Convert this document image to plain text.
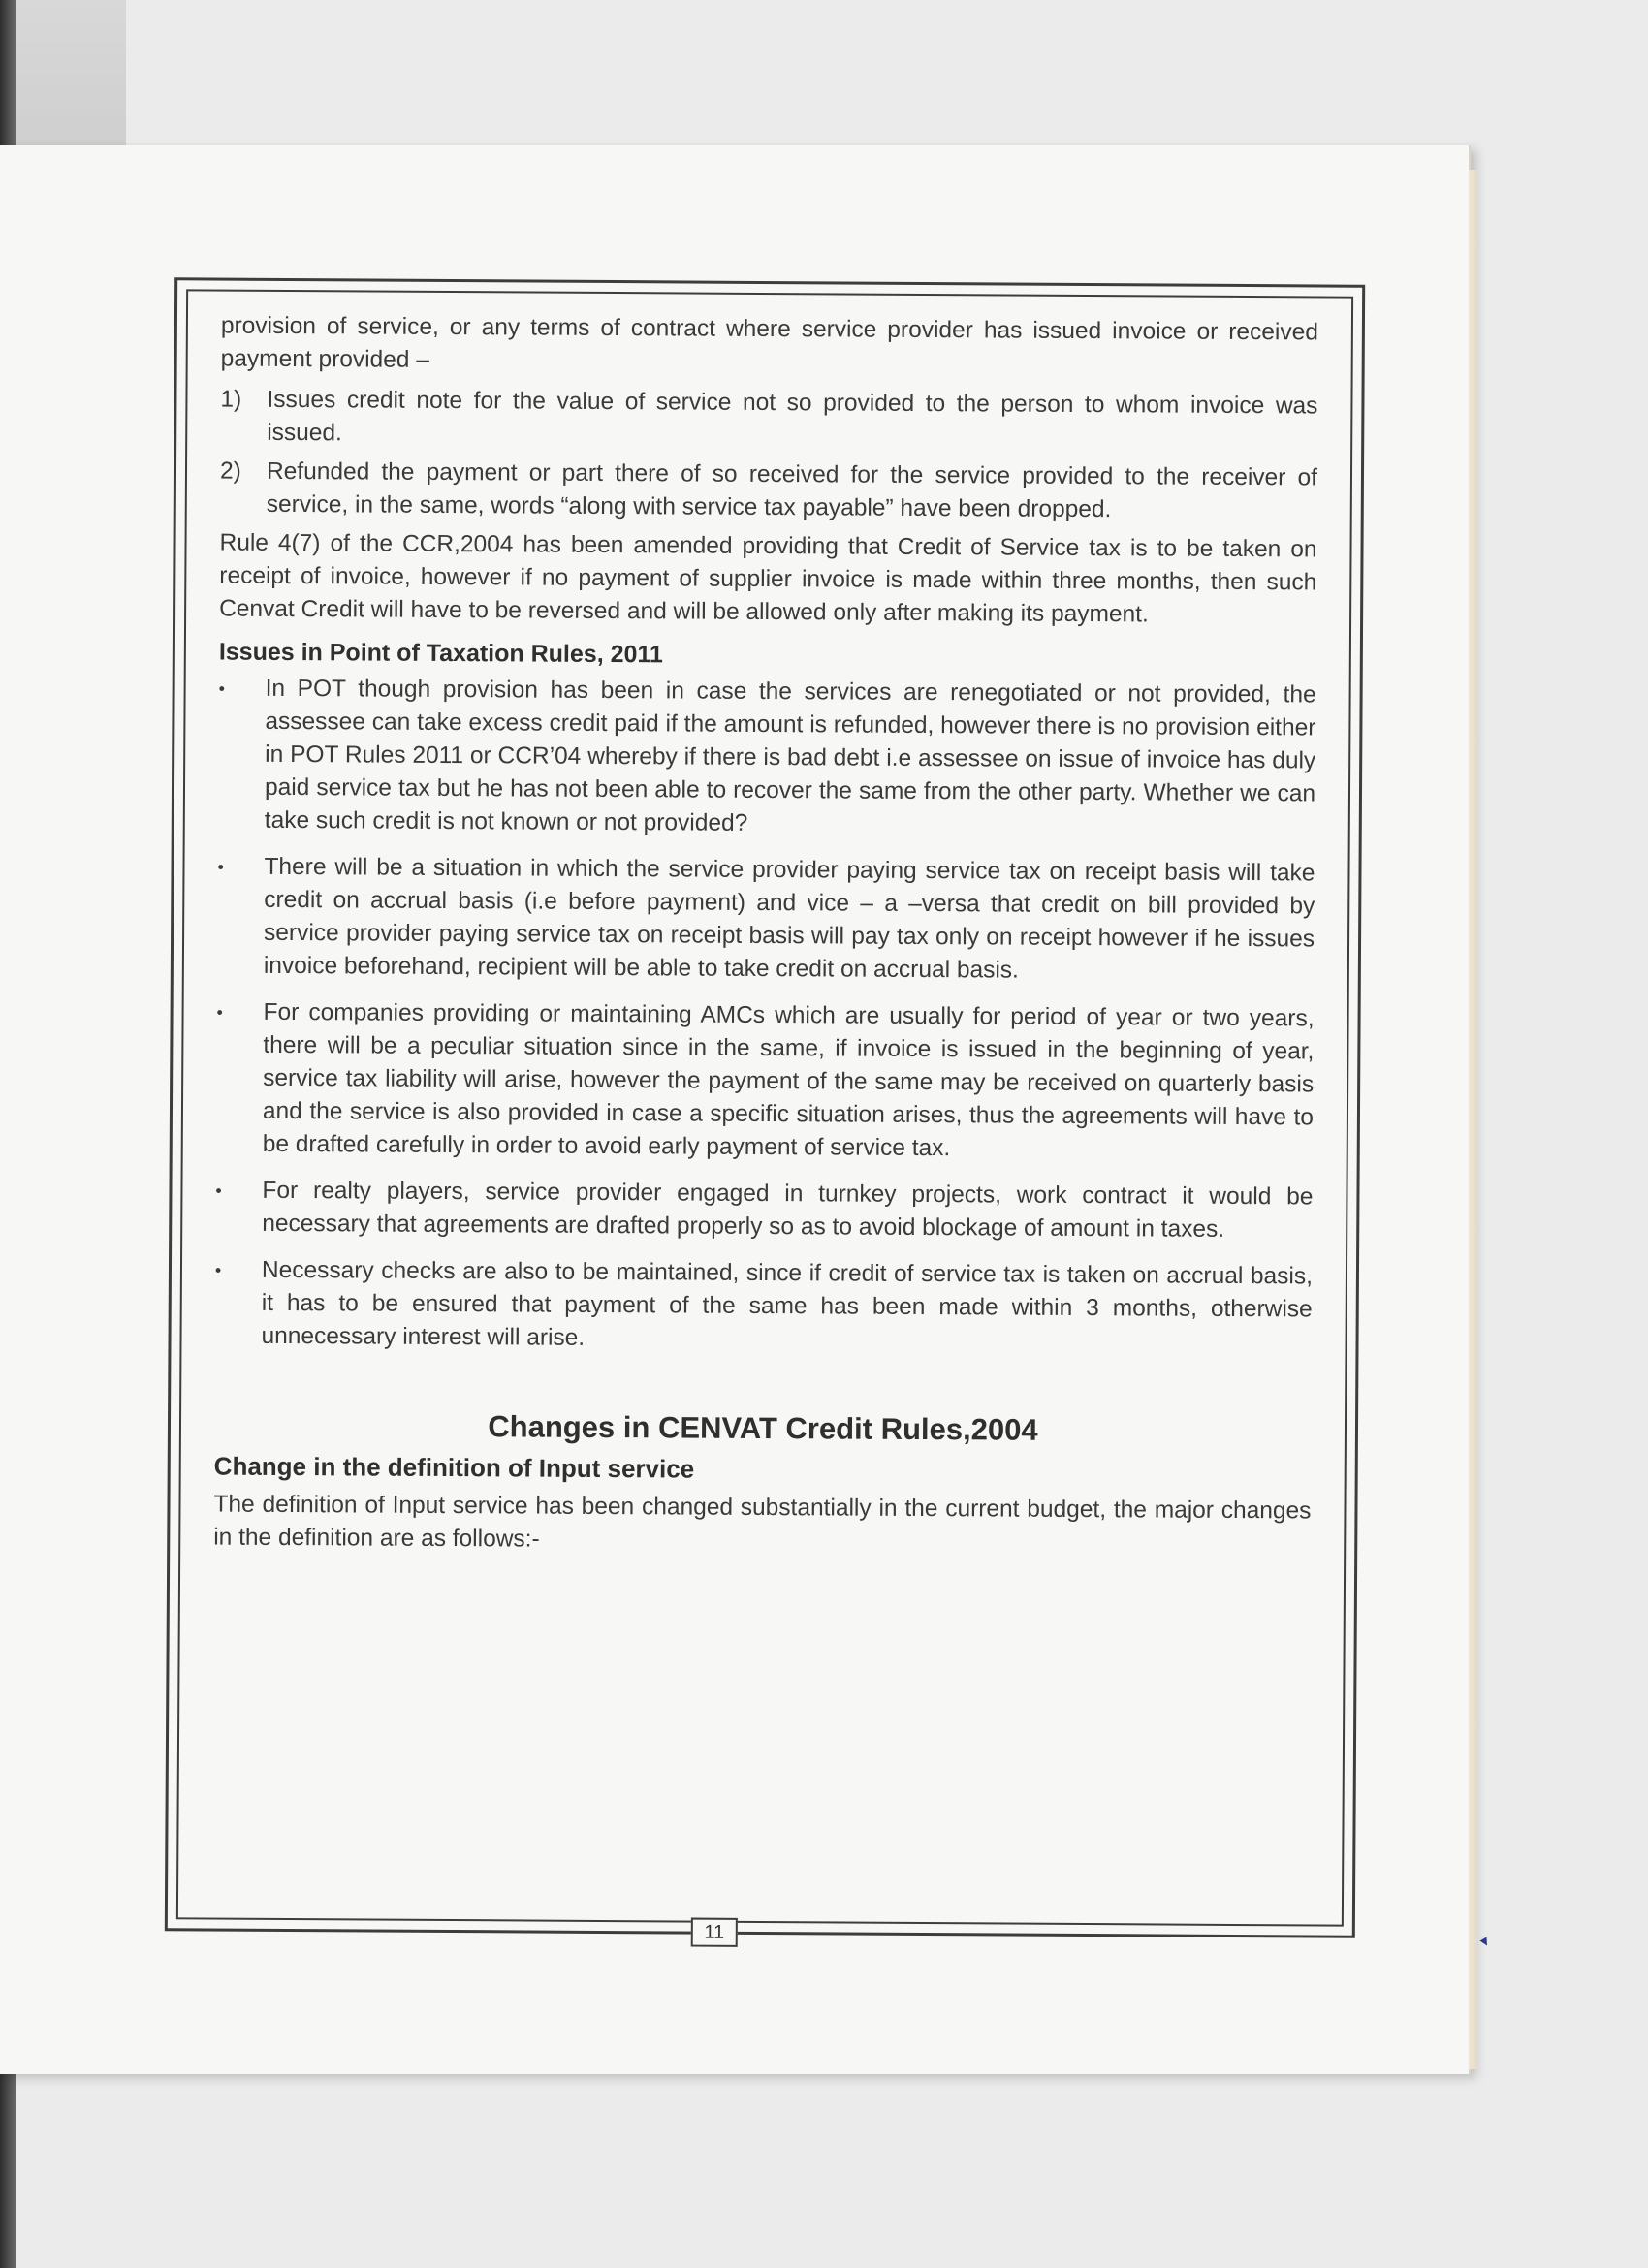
provision of service, or any terms of contract where service provider has issued invoice or received payment provided –

1)	Issues credit note for the value of service not so provided to the person to whom invoice was issued.
2)	Refunded the payment or part there of so received for the service provided to the receiver of service, in the same, words “along with service tax payable” have been dropped.

Rule 4(7) of the CCR,2004 has been amended providing that Credit of Service tax is to be taken on receipt of invoice, however if no payment of supplier invoice is made within three months, then such Cenvat Credit will have to be reversed and will be allowed only after making its payment.

Issues in Point of Taxation Rules, 2011
•	In POT though provision has been in case the services are renegotiated or not provided, the assessee can take excess credit paid if the amount is refunded, however there is no provision either in POT Rules 2011 or CCR’04 whereby if there is bad debt i.e assessee on issue of invoice has duly paid service tax but he has not been able to recover the same from the other party. Whether we can take such credit is not known or not provided?
•	There will be a situation in which the service provider paying service tax on receipt basis will take credit on accrual basis (i.e before payment) and vice – a –versa that credit on bill provided by service provider paying service tax on receipt basis will pay tax only on receipt however if he issues invoice beforehand, recipient will be able to take credit on accrual basis.
•	For companies providing or maintaining AMCs which are usually for period of year or two years, there will be a peculiar situation since in the same, if invoice is issued in the beginning of year, service tax liability will arise, however the payment of the same may be received on quarterly basis and the service is also provided in case a specific situation arises, thus the agreements will have to be drafted carefully in order to avoid early payment of service tax.
•	For realty players, service provider engaged in turnkey projects, work contract it would be necessary that agreements are drafted properly so as to avoid blockage of amount in taxes.
•	Necessary checks are also to be maintained, since if credit of service tax is taken on accrual basis, it has to be ensured that payment of the same has been made within 3 months, otherwise unnecessary interest will arise.
Changes in CENVAT Credit Rules,2004
Change in the definition of Input service

The definition of Input service has been changed substantially in the current budget, the major changes in the definition are as follows:-

11
